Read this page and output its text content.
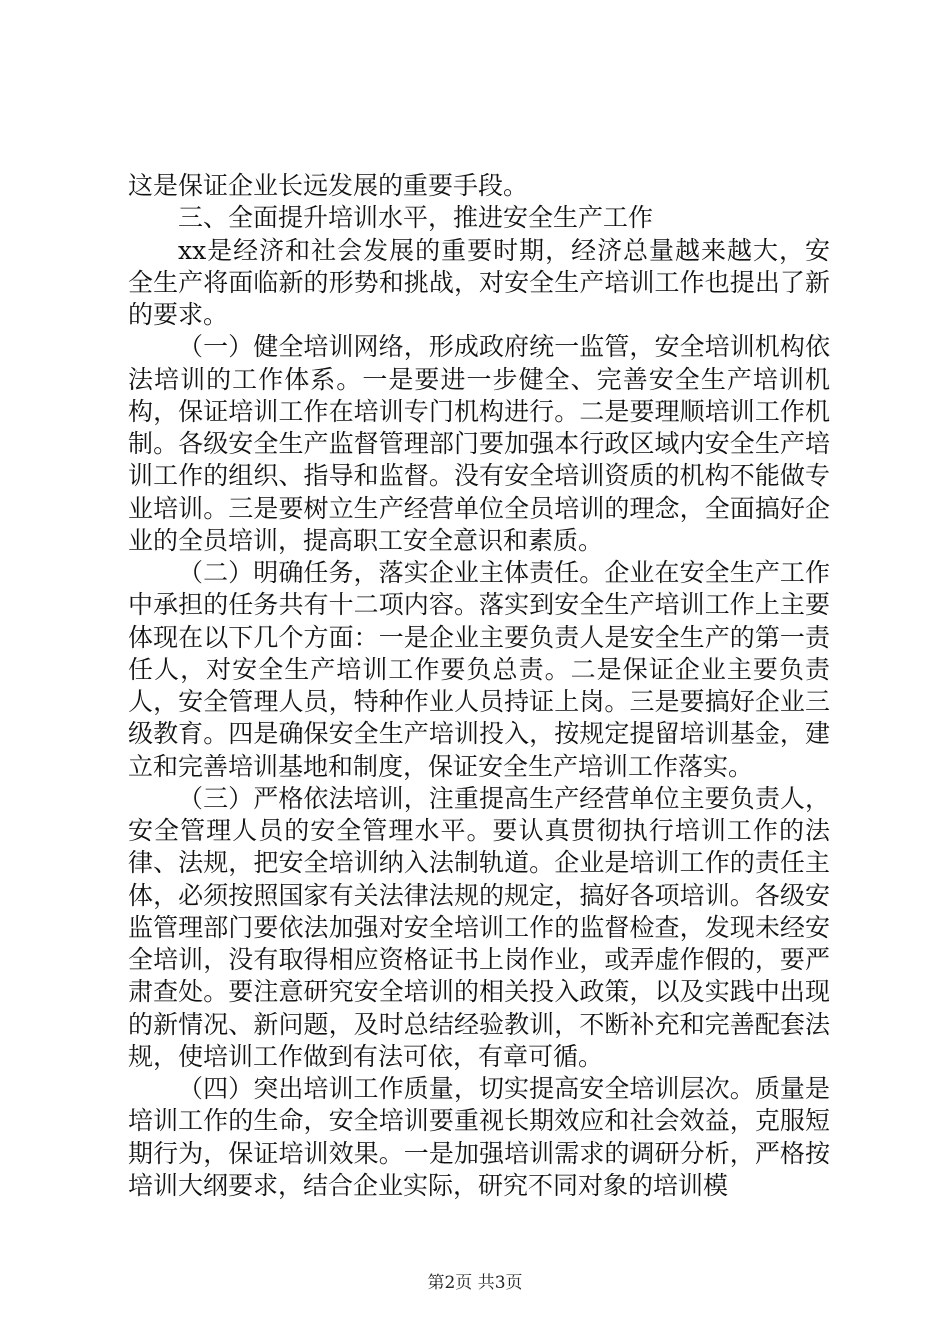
这是保证企业长远发展的重要手段。

三、全面提升培训水平，推进安全生产工作

xx是经济和社会发展的重要时期，经济总量越来越大，安全生产将面临新的形势和挑战，对安全生产培训工作也提出了新的要求。

（一）健全培训网络，形成政府统一监管，安全培训机构依法培训的工作体系。一是要进一步健全、完善安全生产培训机构，保证培训工作在培训专门机构进行。二是要理顺培训工作机制。各级安全生产监督管理部门要加强本行政区域内安全生产培训工作的组织、指导和监督。没有安全培训资质的机构不能做专业培训。三是要树立生产经营单位全员培训的理念，全面搞好企业的全员培训，提高职工安全意识和素质。

（二）明确任务，落实企业主体责任。企业在安全生产工作中承担的任务共有十二项内容。落实到安全生产培训工作上主要体现在以下几个方面：一是企业主要负责人是安全生产的第一责任人，对安全生产培训工作要负总责。二是保证企业主要负责人，安全管理人员，特种作业人员持证上岗。三是要搞好企业三级教育。四是确保安全生产培训投入，按规定提留培训基金，建立和完善培训基地和制度，保证安全生产培训工作落实。

（三）严格依法培训，注重提高生产经营单位主要负责人，安全管理人员的安全管理水平。要认真贯彻执行培训工作的法律、法规，把安全培训纳入法制轨道。企业是培训工作的责任主体，必须按照国家有关法律法规的规定，搞好各项培训。各级安监管理部门要依法加强对安全培训工作的监督检查，发现未经安全培训，没有取得相应资格证书上岗作业，或弄虚作假的，要严肃查处。要注意研究安全培训的相关投入政策，以及实践中出现的新情况、新问题，及时总结经验教训，不断补充和完善配套法规，使培训工作做到有法可依，有章可循。

（四）突出培训工作质量，切实提高安全培训层次。质量是培训工作的生命，安全培训要重视长期效应和社会效益，克服短期行为，保证培训效果。一是加强培训需求的调研分析，严格按培训大纲要求，结合企业实际，研究不同对象的培训模

第2页 共3页
